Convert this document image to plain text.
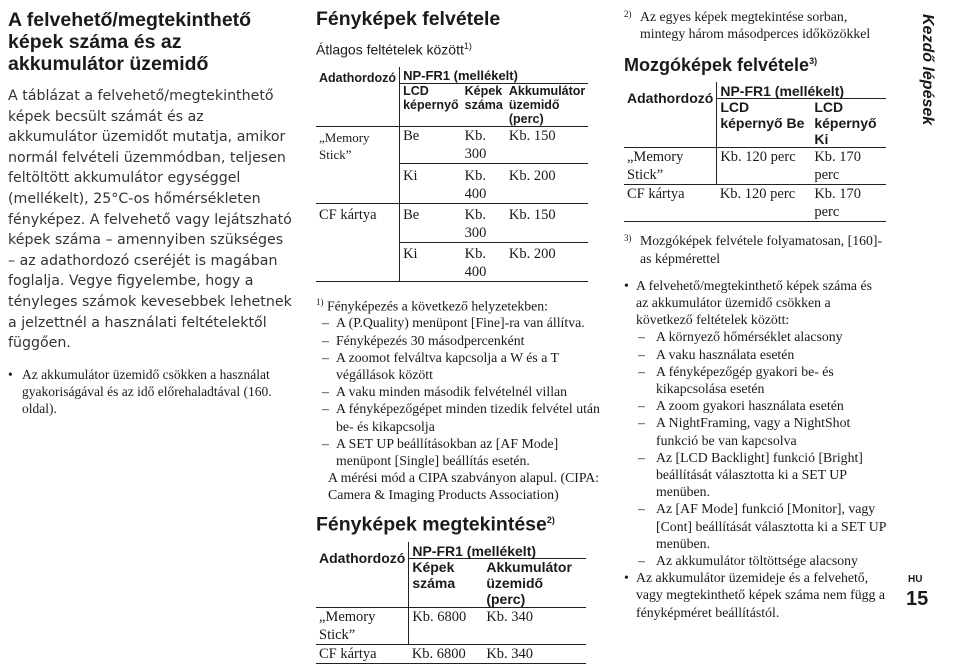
A felvehető/megtekinthető képek száma és az akkumulátor üzemidő

A táblázat a felvehető/megtekinthető képek becsült számát és az akkumulátor üzemidőt mutatja, amikor normál felvételi üzemmódban, teljesen feltöltött akkumulátor egységgel (mellékelt), 25°C-os hőmérsékleten fényképez. A felvehető vagy lejátszható képek száma – amennyiben szükséges – az adathordozó cseréjét is magában foglalja. Vegye figyelembe, hogy a tényleges számok kevesebbek lehetnek a jelzettnél a használati feltételektől függően.

• Az akkumulátor üzemidő csökken a használat gyakoriságával és az idő előrehaladtával (160. oldal).
Fényképek felvétele
Átlagos feltételek között$^{1)}$
Adathordozó	NP-FR1 (mellékelt)		
	LCD képernyő	Képek száma	Akkumulátor üzemidő (perc)
„Memory Stick”	Be	Kb. 300	Kb. 150
	Ki	Kb. 400	Kb. 200
CF kártya	Be	Kb. 300	Kb. 150
	Ki	Kb. 400	Kb. 200
$^{1)}$ Fényképezés a következő helyzetekben:
– A (P.Quality) menüpont [Fine]-ra van állítva.
– Fényképezés 30 másodpercenként
– A zoomot felváltva kapcsolja a W és a T végállások között
– A vaku minden második felvételnél villan
– A fényképezőgépet minden tizedik felvétel után be- és kikapcsolja
– A SET UP beállításokban az [AF Mode] menüpont [Single] beállítás esetén.
A mérési mód a CIPA szabványon alapul. (CIPA: Camera & Imaging Products Association)
Fényképek megtekintése$^{2)}$
Adathordozó	NP-FR1 (mellékelt)	
	Képek száma	Akkumulátor üzemidő (perc)
„Memory Stick”	Kb. 6800	Kb. 340
CF kártya	Kb. 6800	Kb. 340
2) Az egyes képek megtekintése sorban, mintegy három másodperces időközökkel
Mozgóképek felvétele$^{3)}$
Adathordozó	NP-FR1 (mellékelt)	
	LCD képernyő Be	LCD képernyő Ki
„Memory Stick”	Kb. 120 perc	Kb. 170 perc
CF kártya	Kb. 120 perc	Kb. 170 perc
3) Mozgóképek felvétele folyamatosan, [160]-as képmérettel
• A felvehető/megtekinthető képek száma és az akkumulátor üzemidő csökken a következő feltételek között:
– A környező hőmérséklet alacsony
– A vaku használata esetén
– A fényképezőgép gyakori be- és kikapcsolása esetén
– A zoom gyakori használata esetén
– A NightFraming, vagy a NightShot funkció be van kapcsolva
– Az [LCD Backlight] funkció [Bright] beállítását választotta ki a SET UP menüben.
– Az [AF Mode] funkció [Monitor], vagy [Cont] beállítását választotta ki a SET UP menüben.
– Az akkumulátor töltöttsége alacsony
• Az akkumulátor üzemideje és a felvehető, vagy megtekinthető képek száma nem függ a fényképméret beállítástól.
Kezdő lépések
HU
15
